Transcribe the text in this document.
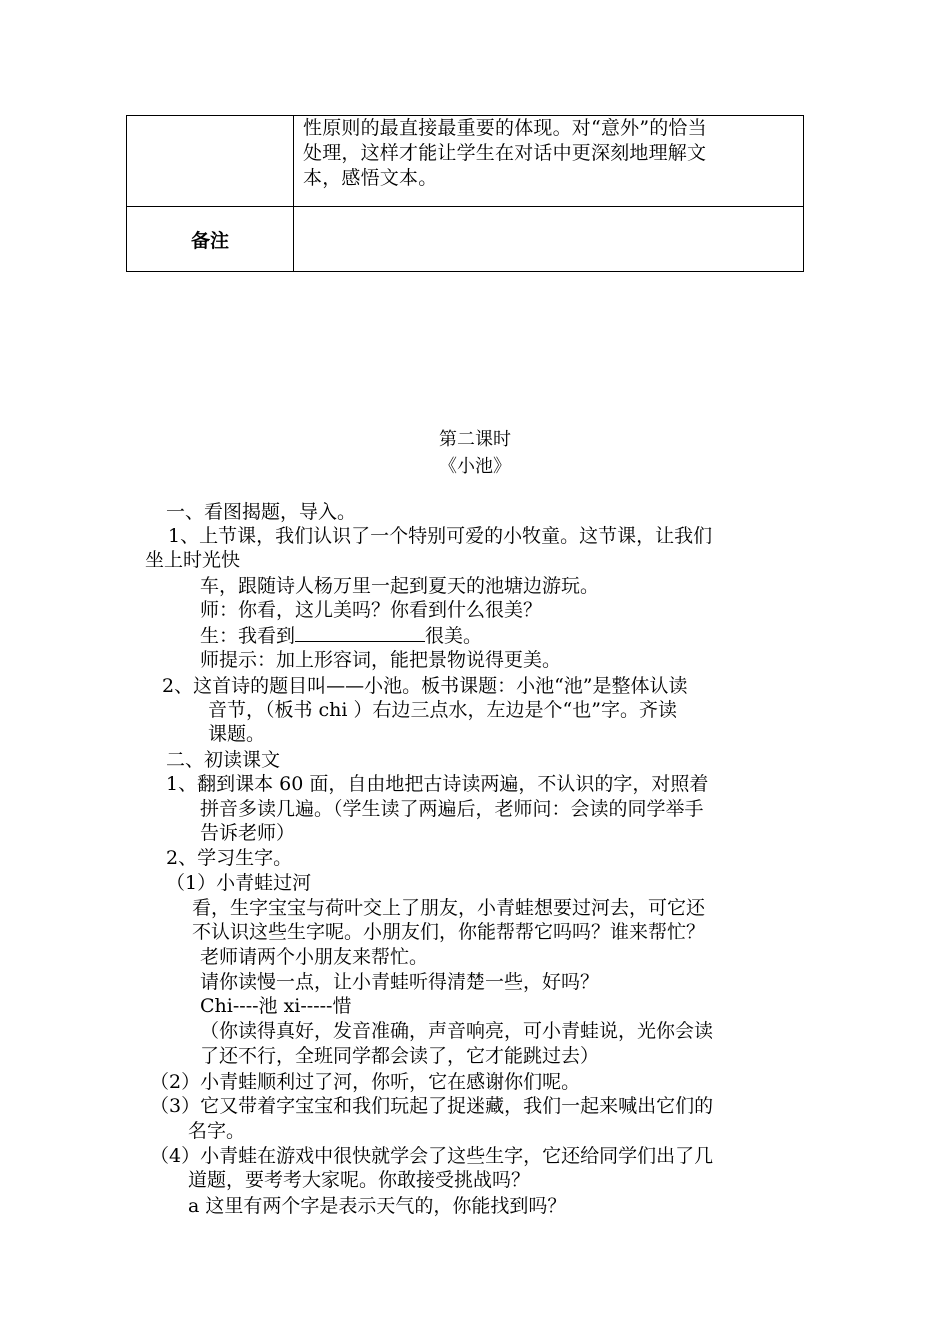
性原则的最直接最重要的体现。对“意外”的恰当
处理，这样才能让学生在对话中更深刻地理解文
本，感悟文本。
备注
第二课时
《小池》
一、看图揭题，导入。
1、上节课，我们认识了一个特别可爱的小牧童。这节课，让我们
坐上时光快
车，跟随诗人杨万里一起到夏天的池塘边游玩。
师：你看，这儿美吗？你看到什么很美？
生：我看到	很美。
师提示：加上形容词，能把景物说得更美。
2、这首诗的题目叫——小池。板书课题：小池“池”是整体认读
音节，（板书 chi ）右边三点水，左边是个“也”字。齐读
课题。
二、初读课文
1、翻到课本 60 面，自由地把古诗读两遍，不认识的字，对照着
拼音多读几遍。（学生读了两遍后，老师问：会读的同学举手
告诉老师）
2、学习生字。
（1）小青蛙过河
看，生字宝宝与荷叶交上了朋友，小青蛙想要过河去，可它还
不认识这些生字呢。小朋友们，你能帮帮它吗吗？谁来帮忙？
老师请两个小朋友来帮忙。
请你读慢一点，让小青蛙听得清楚一些，好吗？
Chi----池 xi-----惜
（你读得真好，发音准确，声音响亮，可小青蛙说，光你会读
了还不行，全班同学都会读了，它才能跳过去）
（2）小青蛙顺利过了河，你听，它在感谢你们呢。
（3）它又带着字宝宝和我们玩起了捉迷藏，我们一起来喊出它们的
名字。
（4）小青蛙在游戏中很快就学会了这些生字，它还给同学们出了几
道题，要考考大家呢。你敢接受挑战吗？
a 这里有两个字是表示天气的，你能找到吗？
